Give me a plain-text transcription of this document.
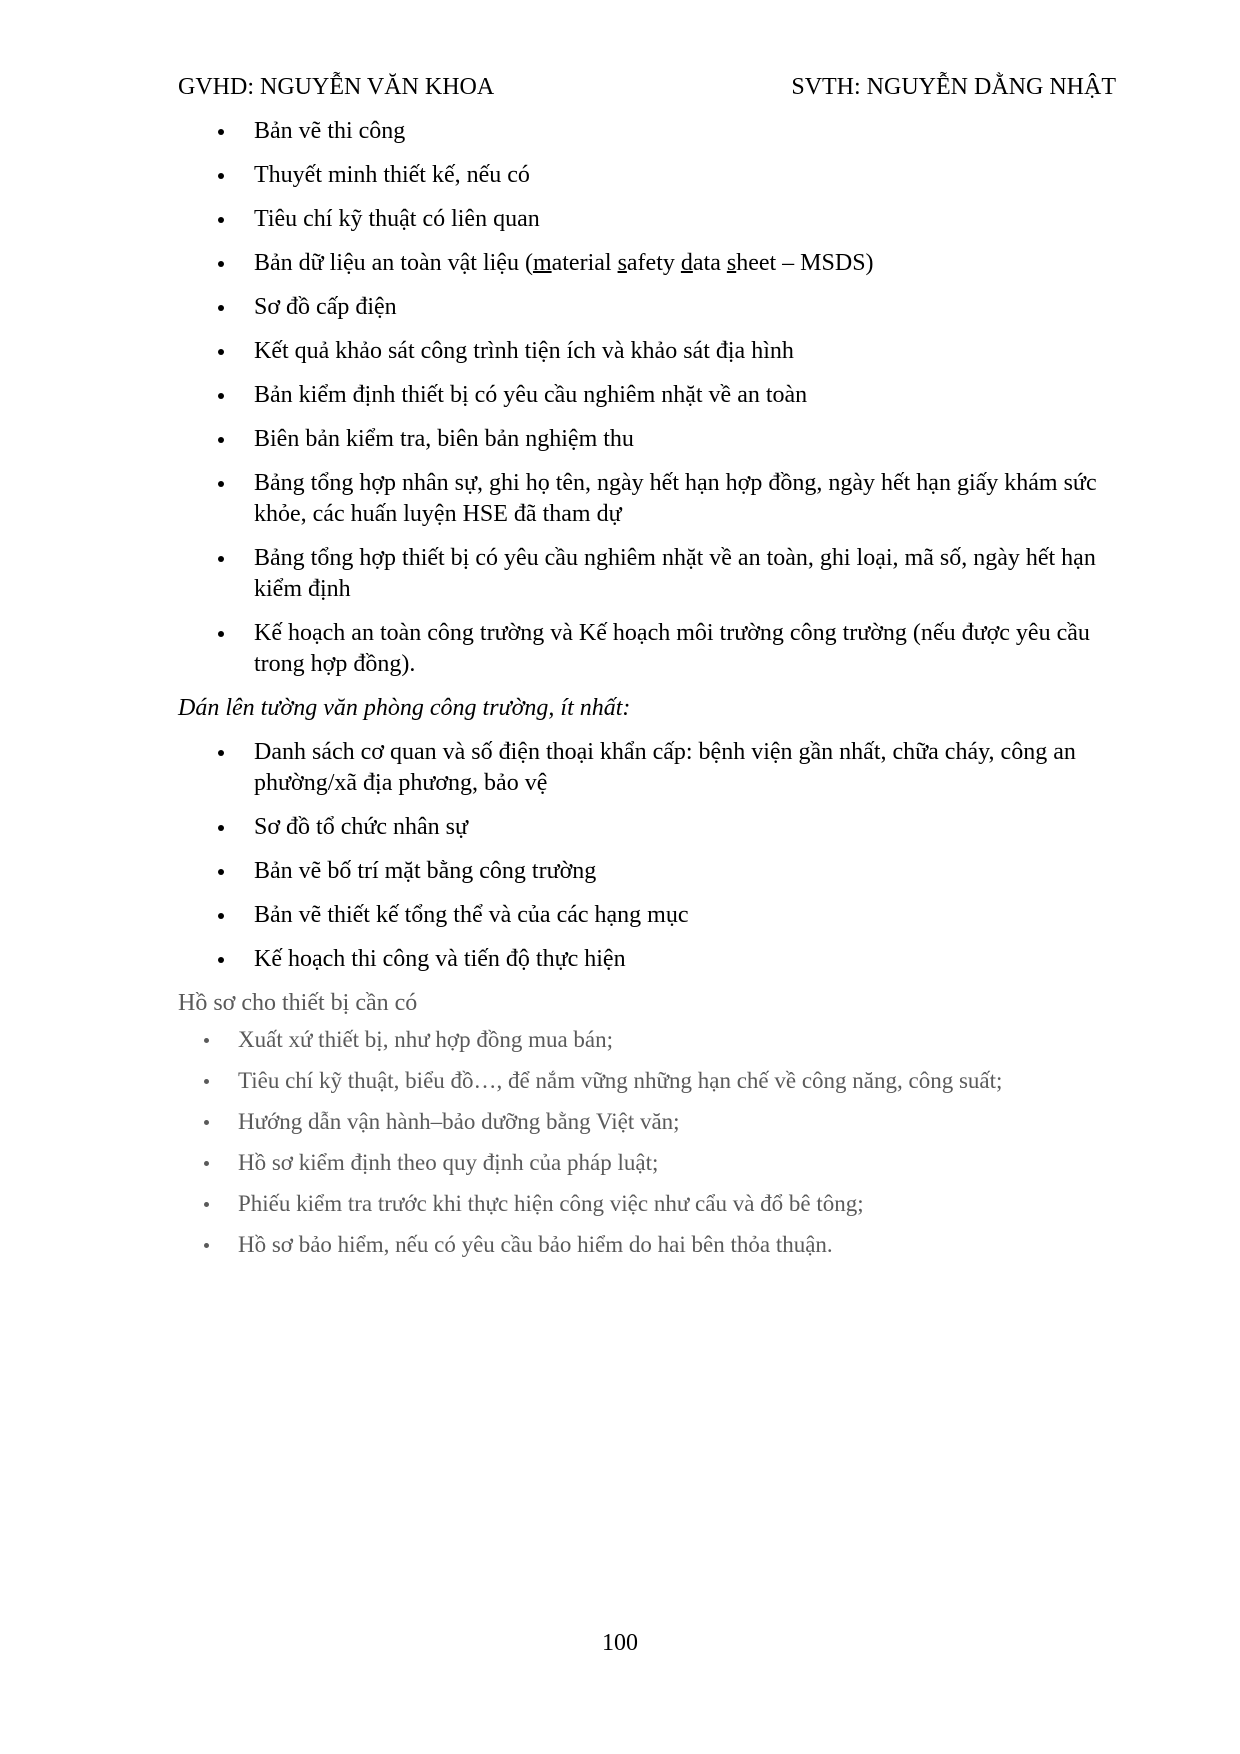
GVHD: NGUYỄN VĂN KHOA	SVTH: NGUYỄN DẰNG NHẬT
Bản vẽ thi công
Thuyết minh thiết kế, nếu có
Tiêu chí kỹ thuật có liên quan
Bản dữ liệu an toàn vật liệu (material safety data sheet – MSDS)
Sơ đồ cấp điện
Kết quả khảo sát công trình tiện ích và khảo sát địa hình
Bản kiểm định thiết bị có yêu cầu nghiêm nhặt về an toàn
Biên bản kiểm tra, biên bản nghiệm thu
Bảng tổng hợp nhân sự, ghi họ tên, ngày hết hạn hợp đồng, ngày hết hạn giấy khám sức khỏe, các huấn luyện HSE đã tham dự
Bảng tổng hợp thiết bị có yêu cầu nghiêm nhặt về an toàn, ghi loại, mã số, ngày hết hạn kiểm định
Kế hoạch an toàn công trường và Kế hoạch môi trường công trường (nếu được yêu cầu trong hợp đồng).
Dán lên tường văn phòng công trường, ít nhất:
Danh sách cơ quan và số điện thoại khẩn cấp: bệnh viện gần nhất, chữa cháy, công an phường/xã địa phương, bảo vệ
Sơ đồ tổ chức nhân sự
Bản vẽ bố trí mặt bằng công trường
Bản vẽ thiết kế tổng thể và của các hạng mục
Kế hoạch thi công và tiến độ thực hiện
Hồ sơ cho thiết bị cần có
Xuất xứ thiết bị, như hợp đồng mua bán;
Tiêu chí kỹ thuật, biểu đồ…, để nắm vững những hạn chế về công năng, công suất;
Hướng dẫn vận hành–bảo dưỡng bằng Việt văn;
Hồ sơ kiểm định theo quy định của pháp luật;
Phiếu kiểm tra trước khi thực hiện công việc như cẩu và đổ bê tông;
Hồ sơ bảo hiểm, nếu có yêu cầu bảo hiểm do hai bên thỏa thuận.
100
